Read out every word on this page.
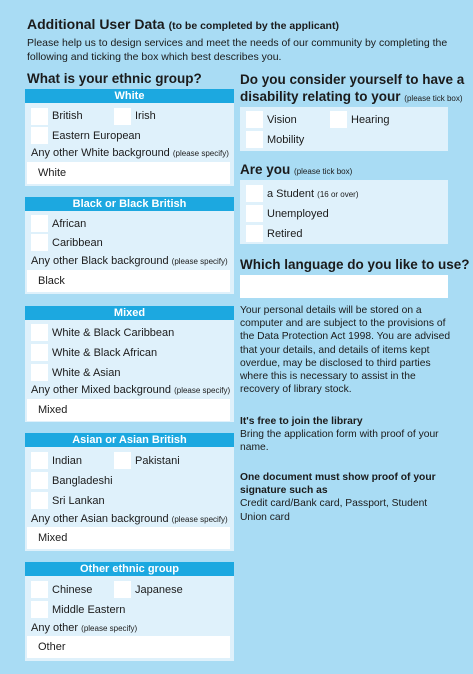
Additional User Data (to be completed by the applicant)
Please help us to design services and meet the needs of our community by completing the following and ticking the box which best describes you.
What is your ethnic group?
White
British	Irish
Eastern European
Any other White background (please specify)
White
Black or Black British
African
Caribbean
Any other Black background (please specify)
Black
Mixed
White & Black Caribbean
White & Black African
White & Asian
Any other Mixed background (please specify)
Mixed
Asian or Asian British
Indian	Pakistani
Bangladeshi
Sri Lankan
Any other Asian background (please specify)
Mixed
Other ethnic group
Chinese	Japanese
Middle Eastern
Any other (please specify)
Other
Do you consider yourself to have a
disability relating to your (please tick box)
Vision	Hearing
Mobility
Are you (please tick box)
a Student (16 or over)
Unemployed
Retired
Which language do you like to use?
Your personal details will be stored on a computer and are subject to the provisions of the Data Protection Act 1998. You are advised that your details, and details of items kept overdue, may be disclosed to third parties where this is necessary to assist in the recovery of library stock.
It's free to join the library
Bring the application form with proof of your name.
One document must show proof of your signature such as
Credit card/Bank card, Passport, Student Union card
